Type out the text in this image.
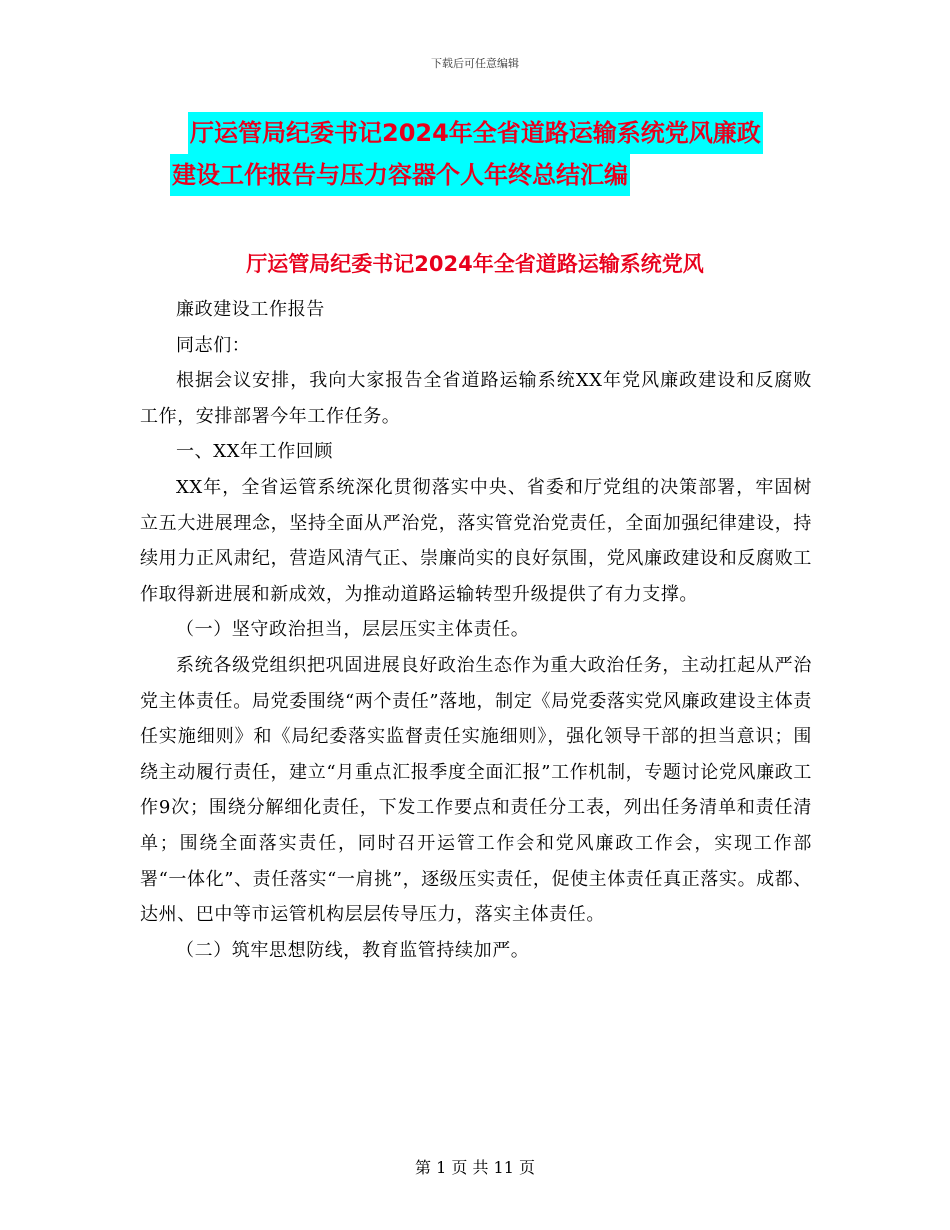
下载后可任意编辑
厅运管局纪委书记2024年全省道路运输系统党风廉政
建设工作报告与压力容器个人年终总结汇编
厅运管局纪委书记2024年全省道路运输系统党风

廉政建设工作报告

同志们：

根据会议安排，我向大家报告全省道路运输系统XX年党风廉政建设和反腐败工作，安排部署今年工作任务。

一、XX年工作回顾

XX年，全省运管系统深化贯彻落实中央、省委和厅党组的决策部署，牢固树立五大进展理念，坚持全面从严治党，落实管党治党责任，全面加强纪律建设，持续用力正风肃纪，营造风清气正、崇廉尚实的良好氛围，党风廉政建设和反腐败工作取得新进展和新成效，为推动道路运输转型升级提供了有力支撑。

（一）坚守政治担当，层层压实主体责任。

系统各级党组织把巩固进展良好政治生态作为重大政治任务，主动扛起从严治党主体责任。局党委围绕“两个责任”落地，制定《局党委落实党风廉政建设主体责任实施细则》和《局纪委落实监督责任实施细则》，强化领导干部的担当意识；围绕主动履行责任，建立“月重点汇报季度全面汇报”工作机制，专题讨论党风廉政工作9次；围绕分解细化责任，下发工作要点和责任分工表，列出任务清单和责任清单；围绕全面落实责任，同时召开运管工作会和党风廉政工作会，实现工作部署“一体化”、责任落实“一肩挑”，逐级压实责任，促使主体责任真正落实。成都、达州、巴中等市运管机构层层传导压力，落实主体责任。

（二）筑牢思想防线，教育监管持续加严。

第 1 页 共 11 页
